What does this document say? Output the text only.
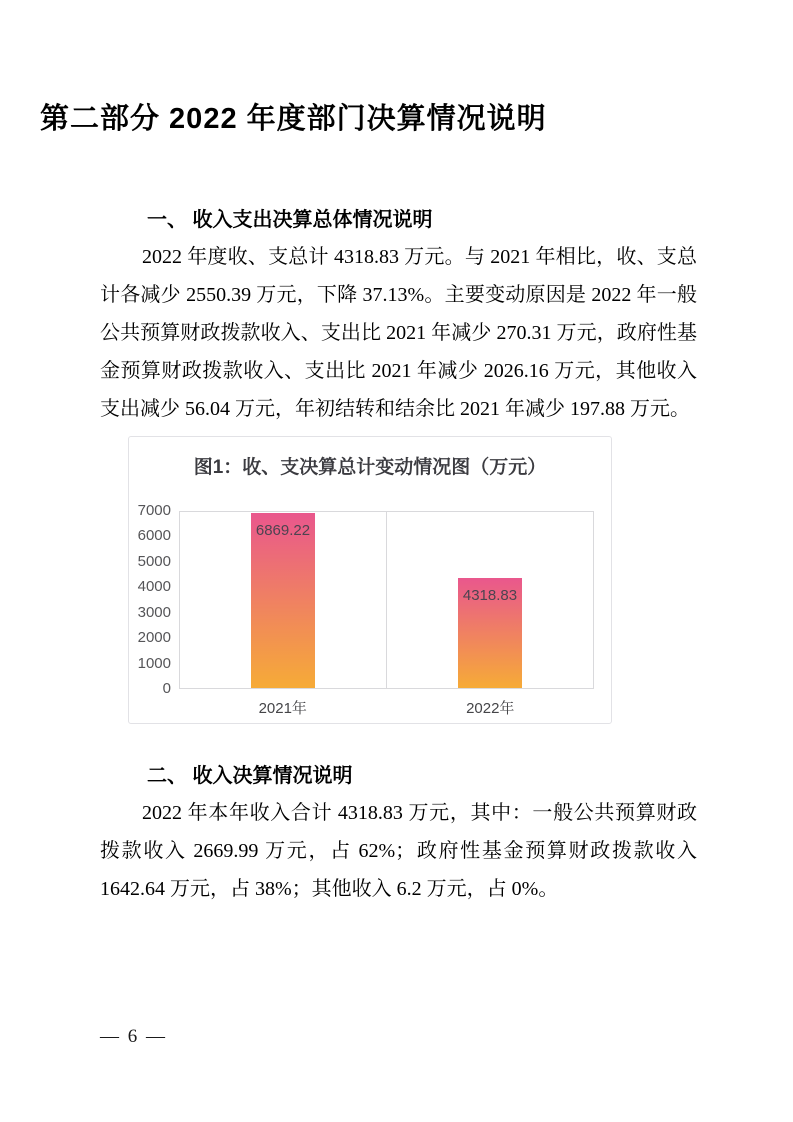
第二部分 2022 年度部门决算情况说明
一、 收入支出决算总体情况说明

2022 年度收、支总计 4318.83 万元。与 2021 年相比，收、支总计各减少 2550.39 万元，下降 37.13%。主要变动原因是 2022 年一般公共预算财政拨款收入、支出比 2021 年减少 270.31 万元，政府性基金预算财政拨款收入、支出比 2021 年减少 2026.16 万元，其他收入支出减少 56.04 万元，年初结转和结余比 2021 年减少 197.88 万元。

图1：收、支决算总计变动情况图（万元）
0
1000
2000
3000
4000
5000
6000
7000
6869.22
4318.83
2021年	2022年
二、 收入决算情况说明

2022 年本年收入合计 4318.83 万元，其中：一般公共预算财政拨款收入 2669.99 万元，占 62%；政府性基金预算财政拨款收入 1642.64 万元，占 38%；其他收入 6.2 万元，占 0%。

— 6 —
